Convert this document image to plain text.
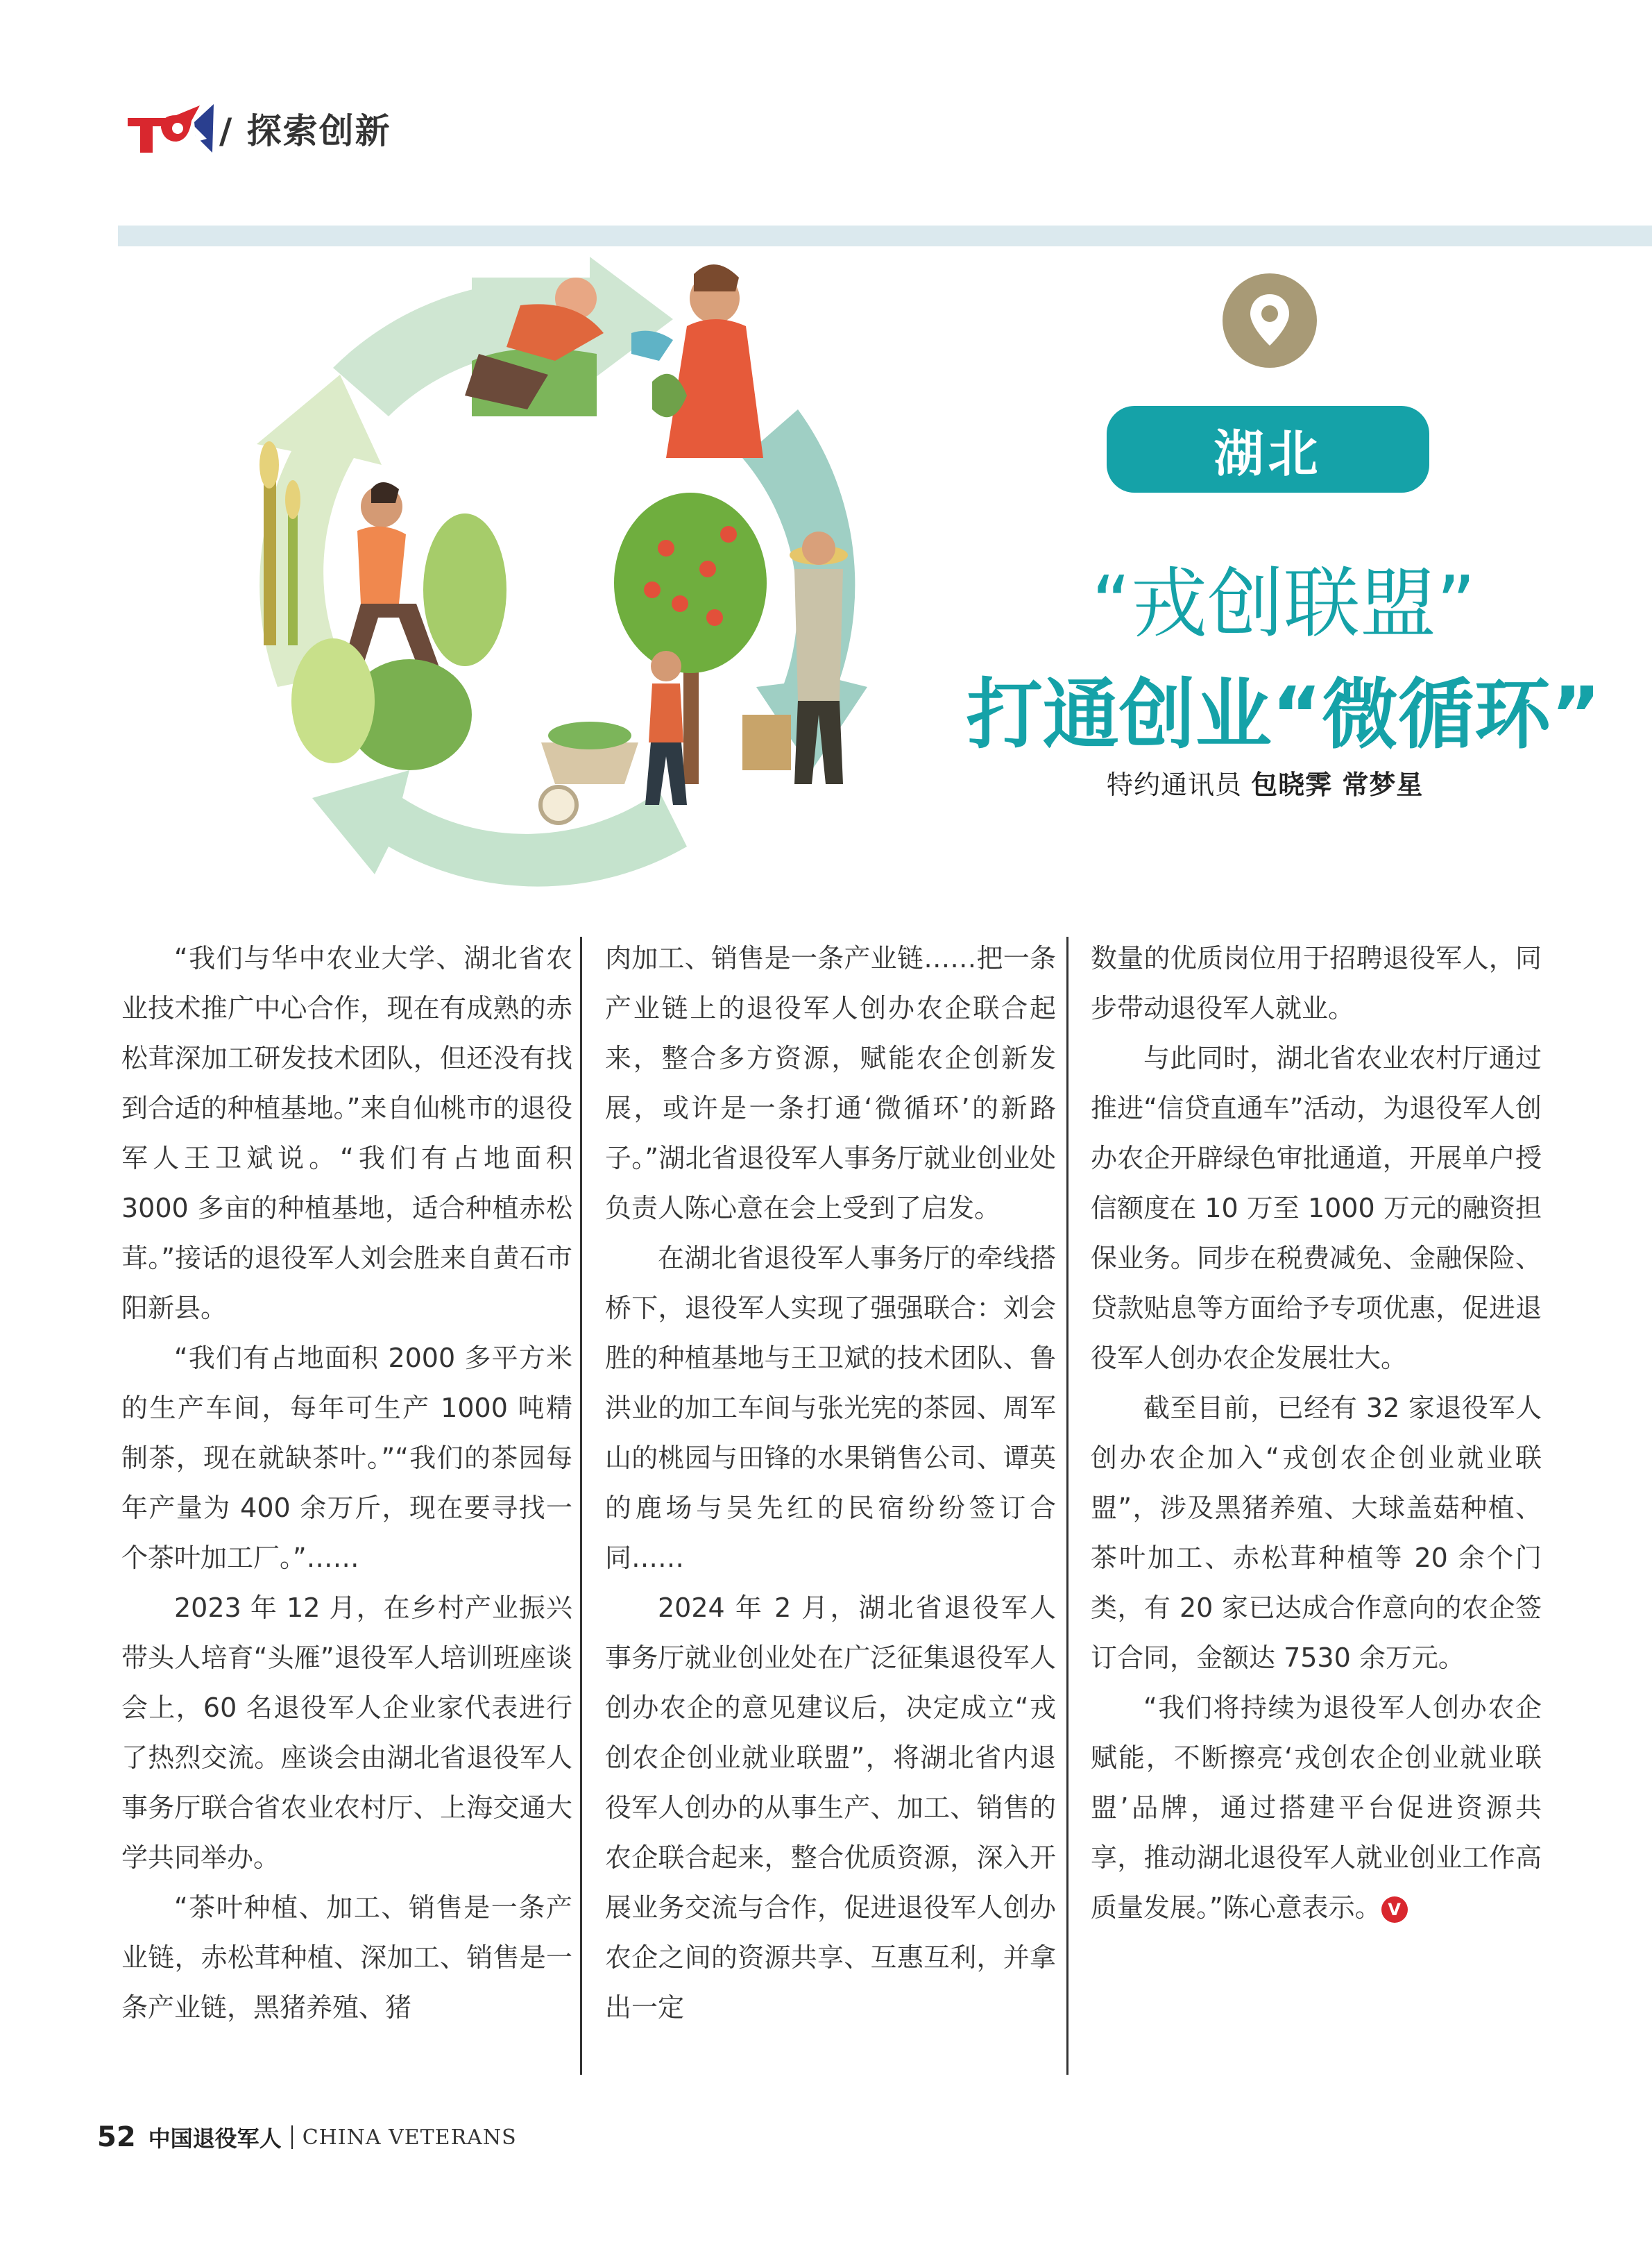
/ 探索创新
湖北
“戎创联盟”
打通创业“微循环”
特约通讯员 包晓霁 常梦星

“我们与华中农业大学、湖北省农业技术推广中心合作，现在有成熟的赤松茸深加工研发技术团队，但还没有找到合适的种植基地。”来自仙桃市的退役军人王卫斌说。“我们有占地面积 3000 多亩的种植基地，适合种植赤松茸。”接话的退役军人刘会胜来自黄石市阳新县。

“我们有占地面积 2000 多平方米的生产车间，每年可生产 1000 吨精制茶，现在就缺茶叶。”“我们的茶园每年产量为 400 余万斤，现在要寻找一个茶叶加工厂。”……

2023 年 12 月，在乡村产业振兴带头人培育“头雁”退役军人培训班座谈会上，60 名退役军人企业家代表进行了热烈交流。座谈会由湖北省退役军人事务厅联合省农业农村厅、上海交通大学共同举办。

“茶叶种植、加工、销售是一条产业链，赤松茸种植、深加工、销售是一条产业链，黑猪养殖、猪

肉加工、销售是一条产业链……把一条产业链上的退役军人创办农企联合起来，整合多方资源，赋能农企创新发展，或许是一条打通‘微循环’的新路子。”湖北省退役军人事务厅就业创业处负责人陈心意在会上受到了启发。

在湖北省退役军人事务厅的牵线搭桥下，退役军人实现了强强联合：刘会胜的种植基地与王卫斌的技术团队、鲁洪业的加工车间与张光宪的茶园、周军山的桃园与田锋的水果销售公司、谭英的鹿场与吴先红的民宿纷纷签订合同……

2024 年 2 月，湖北省退役军人事务厅就业创业处在广泛征集退役军人创办农企的意见建议后，决定成立“戎创农企创业就业联盟”，将湖北省内退役军人创办的从事生产、加工、销售的农企联合起来，整合优质资源，深入开展业务交流与合作，促进退役军人创办农企之间的资源共享、互惠互利，并拿出一定

数量的优质岗位用于招聘退役军人，同步带动退役军人就业。

与此同时，湖北省农业农村厅通过推进“信贷直通车”活动，为退役军人创办农企开辟绿色审批通道，开展单户授信额度在 10 万至 1000 万元的融资担保业务。同步在税费减免、金融保险、贷款贴息等方面给予专项优惠，促进退役军人创办农企发展壮大。

截至目前，已经有 32 家退役军人创办农企加入“戎创农企创业就业联盟”，涉及黑猪养殖、大球盖菇种植、茶叶加工、赤松茸种植等 20 余个门类，有 20 家已达成合作意向的农企签订合同，金额达 7530 余万元。

“我们将持续为退役军人创办农企赋能，不断擦亮‘戎创农企创业就业联盟’品牌，通过搭建平台促进资源共享，推动湖北退役军人就业创业工作高质量发展。”陈心意表示。 V

52 中国退役军人 CHINA VETERANS
